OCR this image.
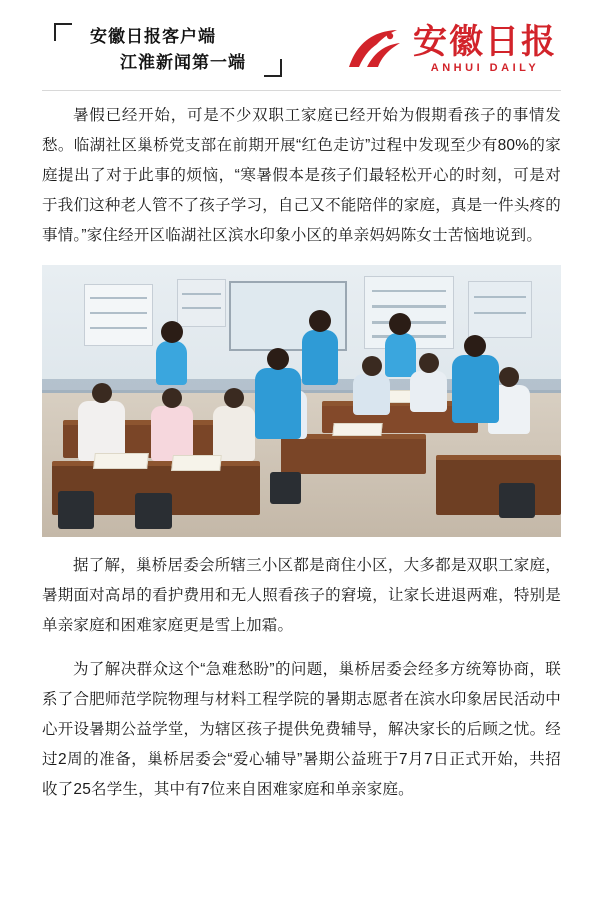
安徽日报客户端
江淮新闻第一端
安徽日报
ANHUI DAILY

暑假已经开始，可是不少双职工家庭已经开始为假期看孩子的事情发愁。临湖社区巢桥党支部在前期开展“红色走访”过程中发现至少有80%的家庭提出了对于此事的烦恼，“寒暑假本是孩子们最轻松开心的时刻，可是对于我们这种老人管不了孩子学习，自己又不能陪伴的家庭，真是一件头疼的事情。”家住经开区临湖社区滨水印象小区的单亲妈妈陈女士苦恼地说到。

据了解，巢桥居委会所辖三小区都是商住小区，大多都是双职工家庭，暑期面对高昂的看护费用和无人照看孩子的窘境，让家长进退两难，特别是单亲家庭和困难家庭更是雪上加霜。

为了解决群众这个“急难愁盼”的问题，巢桥居委会经多方统筹协商，联系了合肥师范学院物理与材料工程学院的暑期志愿者在滨水印象居民活动中心开设暑期公益学堂，为辖区孩子提供免费辅导，解决家长的后顾之忧。经过2周的准备，巢桥居委会“爱心辅导”暑期公益班于7月7日正式开始，共招收了25名学生，其中有7位来自困难家庭和单亲家庭。
